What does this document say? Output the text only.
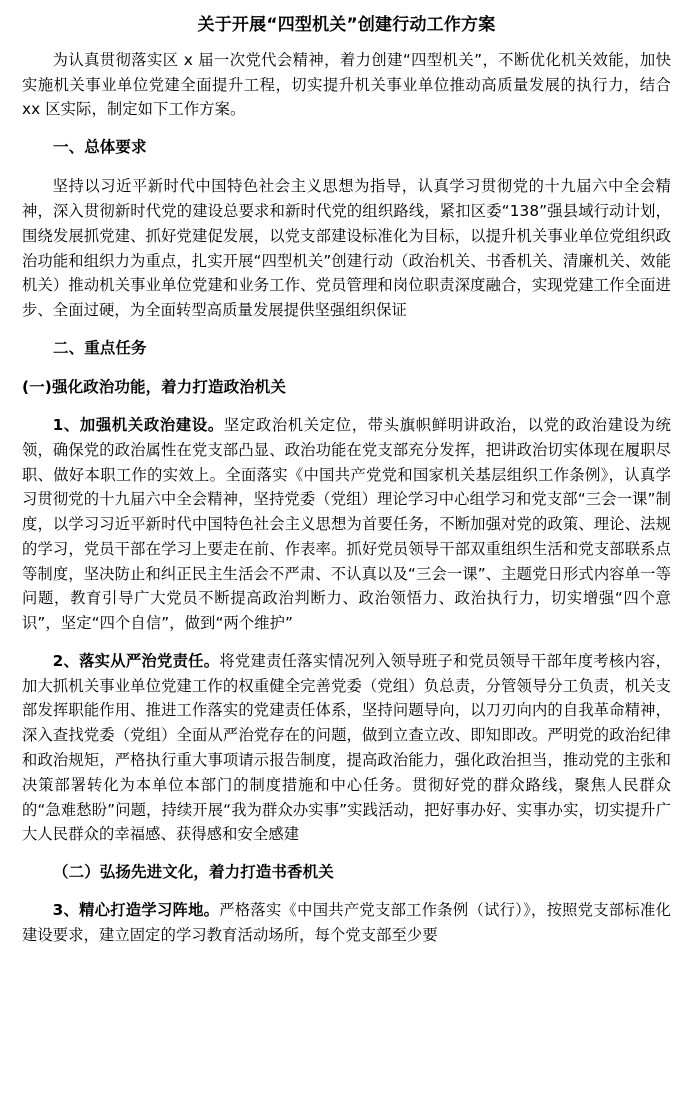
关于开展“四型机关”创建行动工作方案

为认真贯彻落实区 x 届一次党代会精神，着力创建“四型机关”，不断优化机关效能，加快实施机关事业单位党建全面提升工程，切实提升机关事业单位推动高质量发展的执行力，结合 xx 区实际，制定如下工作方案。

一、总体要求

坚持以习近平新时代中国特色社会主义思想为指导，认真学习贯彻党的十九届六中全会精神，深入贯彻新时代党的建设总要求和新时代党的组织路线，紧扣区委“138”强县域行动计划，围绕发展抓党建、抓好党建促发展，以党支部建设标准化为目标，以提升机关事业单位党组织政治功能和组织力为重点，扎实开展“四型机关”创建行动（政治机关、书香机关、清廉机关、效能机关）推动机关事业单位党建和业务工作、党员管理和岗位职责深度融合，实现党建工作全面进步、全面过硬，为全面转型高质量发展提供坚强组织保证

二、重点任务

(一)强化政治功能，着力打造政治机关

1、加强机关政治建设。坚定政治机关定位，带头旗帜鲜明讲政治，以党的政治建设为统领，确保党的政治属性在党支部凸显、政治功能在党支部充分发挥，把讲政治切实体现在履职尽职、做好本职工作的实效上。全面落实《中国共产党党和国家机关基层组织工作条例》，认真学习贯彻党的十九届六中全会精神，坚持党委（党组）理论学习中心组学习和党支部“三会一课”制度，以学习习近平新时代中国特色社会主义思想为首要任务，不断加强对党的政策、理论、法规的学习，党员干部在学习上要走在前、作表率。抓好党员领导干部双重组织生活和党支部联系点等制度，坚决防止和纠正民主生活会不严肃、不认真以及“三会一课”、主题党日形式内容单一等问题，教育引导广大党员不断提高政治判断力、政治领悟力、政治执行力，切实增强“四个意识”，坚定“四个自信”，做到“两个维护”

2、落实从严治党责任。将党建责任落实情况列入领导班子和党员领导干部年度考核内容，加大抓机关事业单位党建工作的权重健全完善党委（党组）负总责，分管领导分工负责，机关支部发挥职能作用、推进工作落实的党建责任体系，坚持问题导向，以刀刃向内的自我革命精神，深入查找党委（党组）全面从严治党存在的问题，做到立查立改、即知即改。严明党的政治纪律和政治规矩，严格执行重大事项请示报告制度，提高政治能力，强化政治担当，推动党的主张和决策部署转化为本单位本部门的制度措施和中心任务。贯彻好党的群众路线，聚焦人民群众的“急难愁盼”问题，持续开展“我为群众办实事”实践活动，把好事办好、实事办实，切实提升广大人民群众的幸福感、获得感和安全感建

（二）弘扬先进文化，着力打造书香机关

3、精心打造学习阵地。严格落实《中国共产党支部工作条例（试行）》，按照党支部标准化建设要求，建立固定的学习教育活动场所，每个党支部至少要
